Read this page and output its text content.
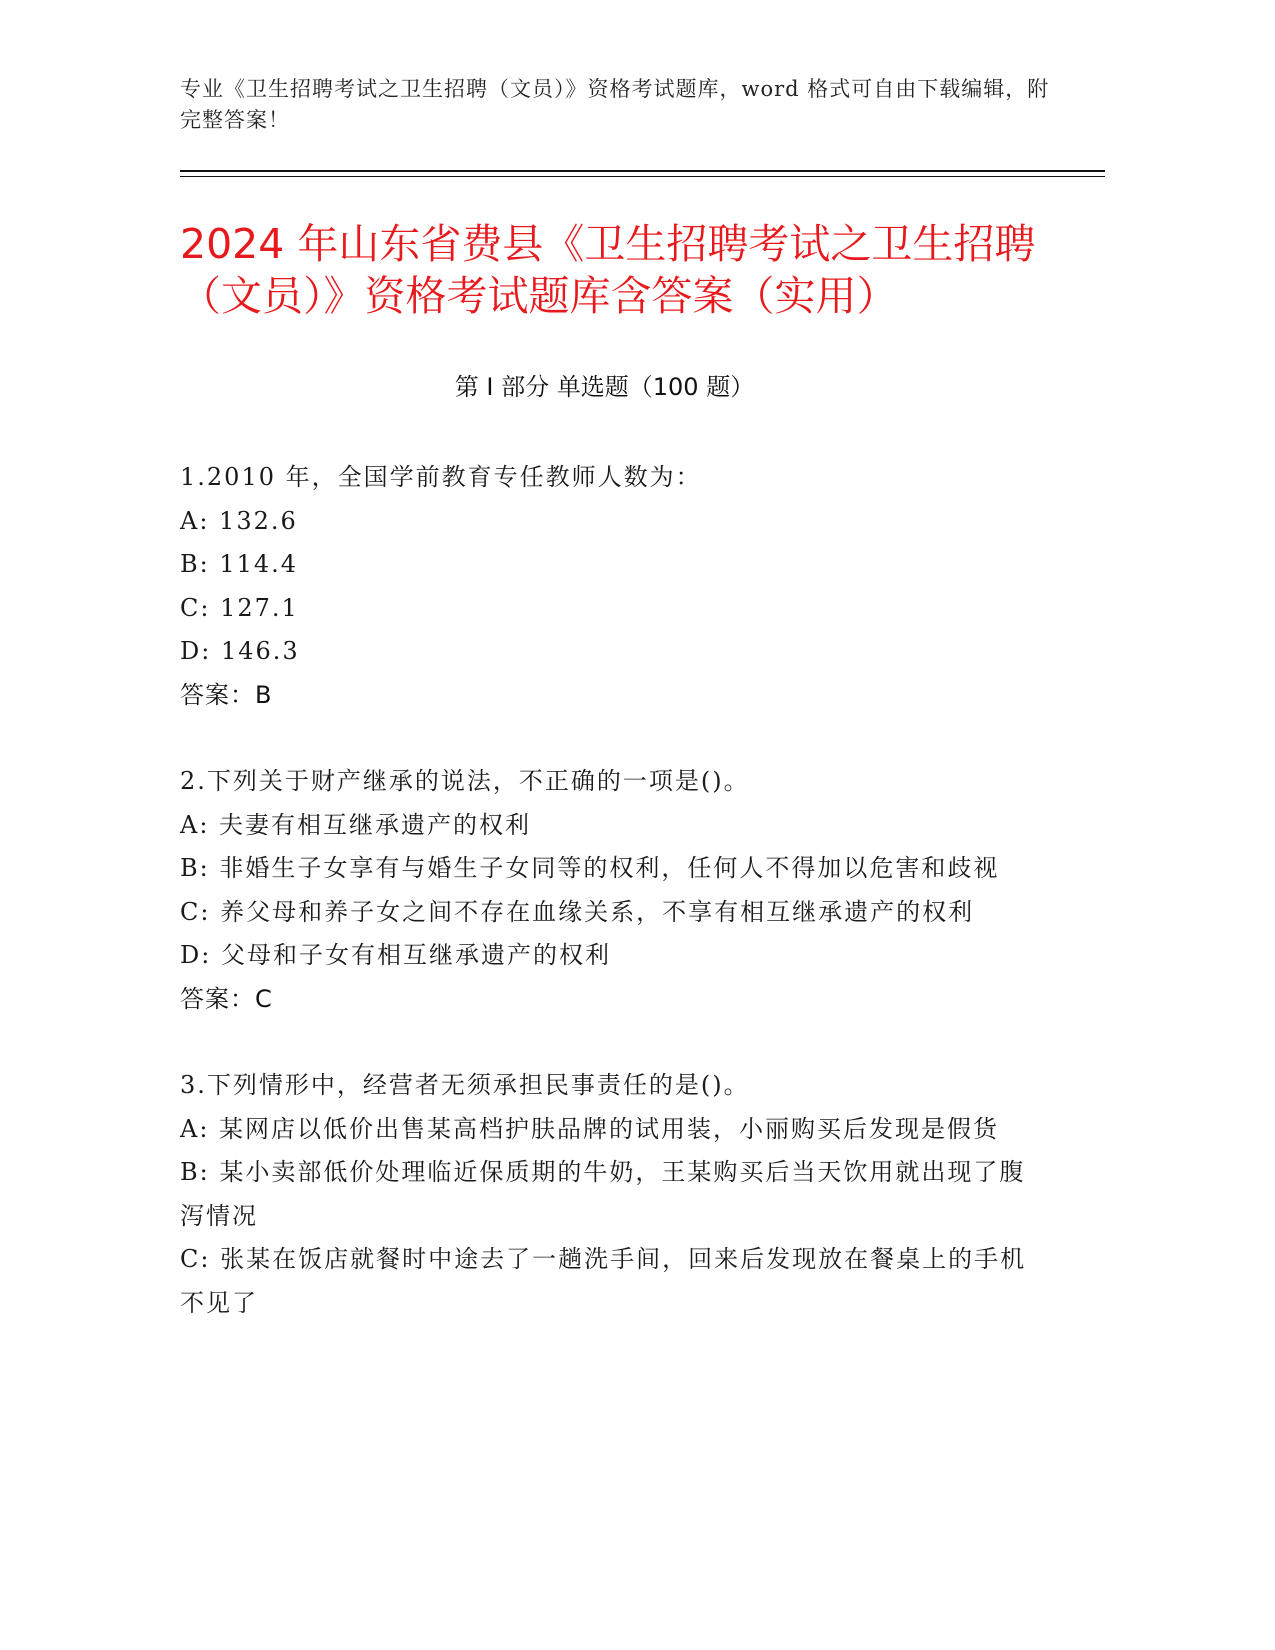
专业《卫生招聘考试之卫生招聘（文员）》资格考试题库，word 格式可自由下载编辑，附完整答案！
2024 年山东省费县《卫生招聘考试之卫生招聘（文员）》资格考试题库含答案（实用）
第 I 部分 单选题（100 题）

1.2010 年，全国学前教育专任教师人数为：

A: 132.6

B: 114.4

C: 127.1

D: 146.3

答案：B

2.下列关于财产继承的说法，不正确的一项是()。

A: 夫妻有相互继承遗产的权利

B: 非婚生子女享有与婚生子女同等的权利，任何人不得加以危害和歧视

C: 养父母和养子女之间不存在血缘关系，不享有相互继承遗产的权利

D: 父母和子女有相互继承遗产的权利

答案：C

3.下列情形中，经营者无须承担民事责任的是()。

A: 某网店以低价出售某高档护肤品牌的试用装，小丽购买后发现是假货

B: 某小卖部低价处理临近保质期的牛奶，王某购买后当天饮用就出现了腹泻情况

C: 张某在饭店就餐时中途去了一趟洗手间，回来后发现放在餐桌上的手机不见了
